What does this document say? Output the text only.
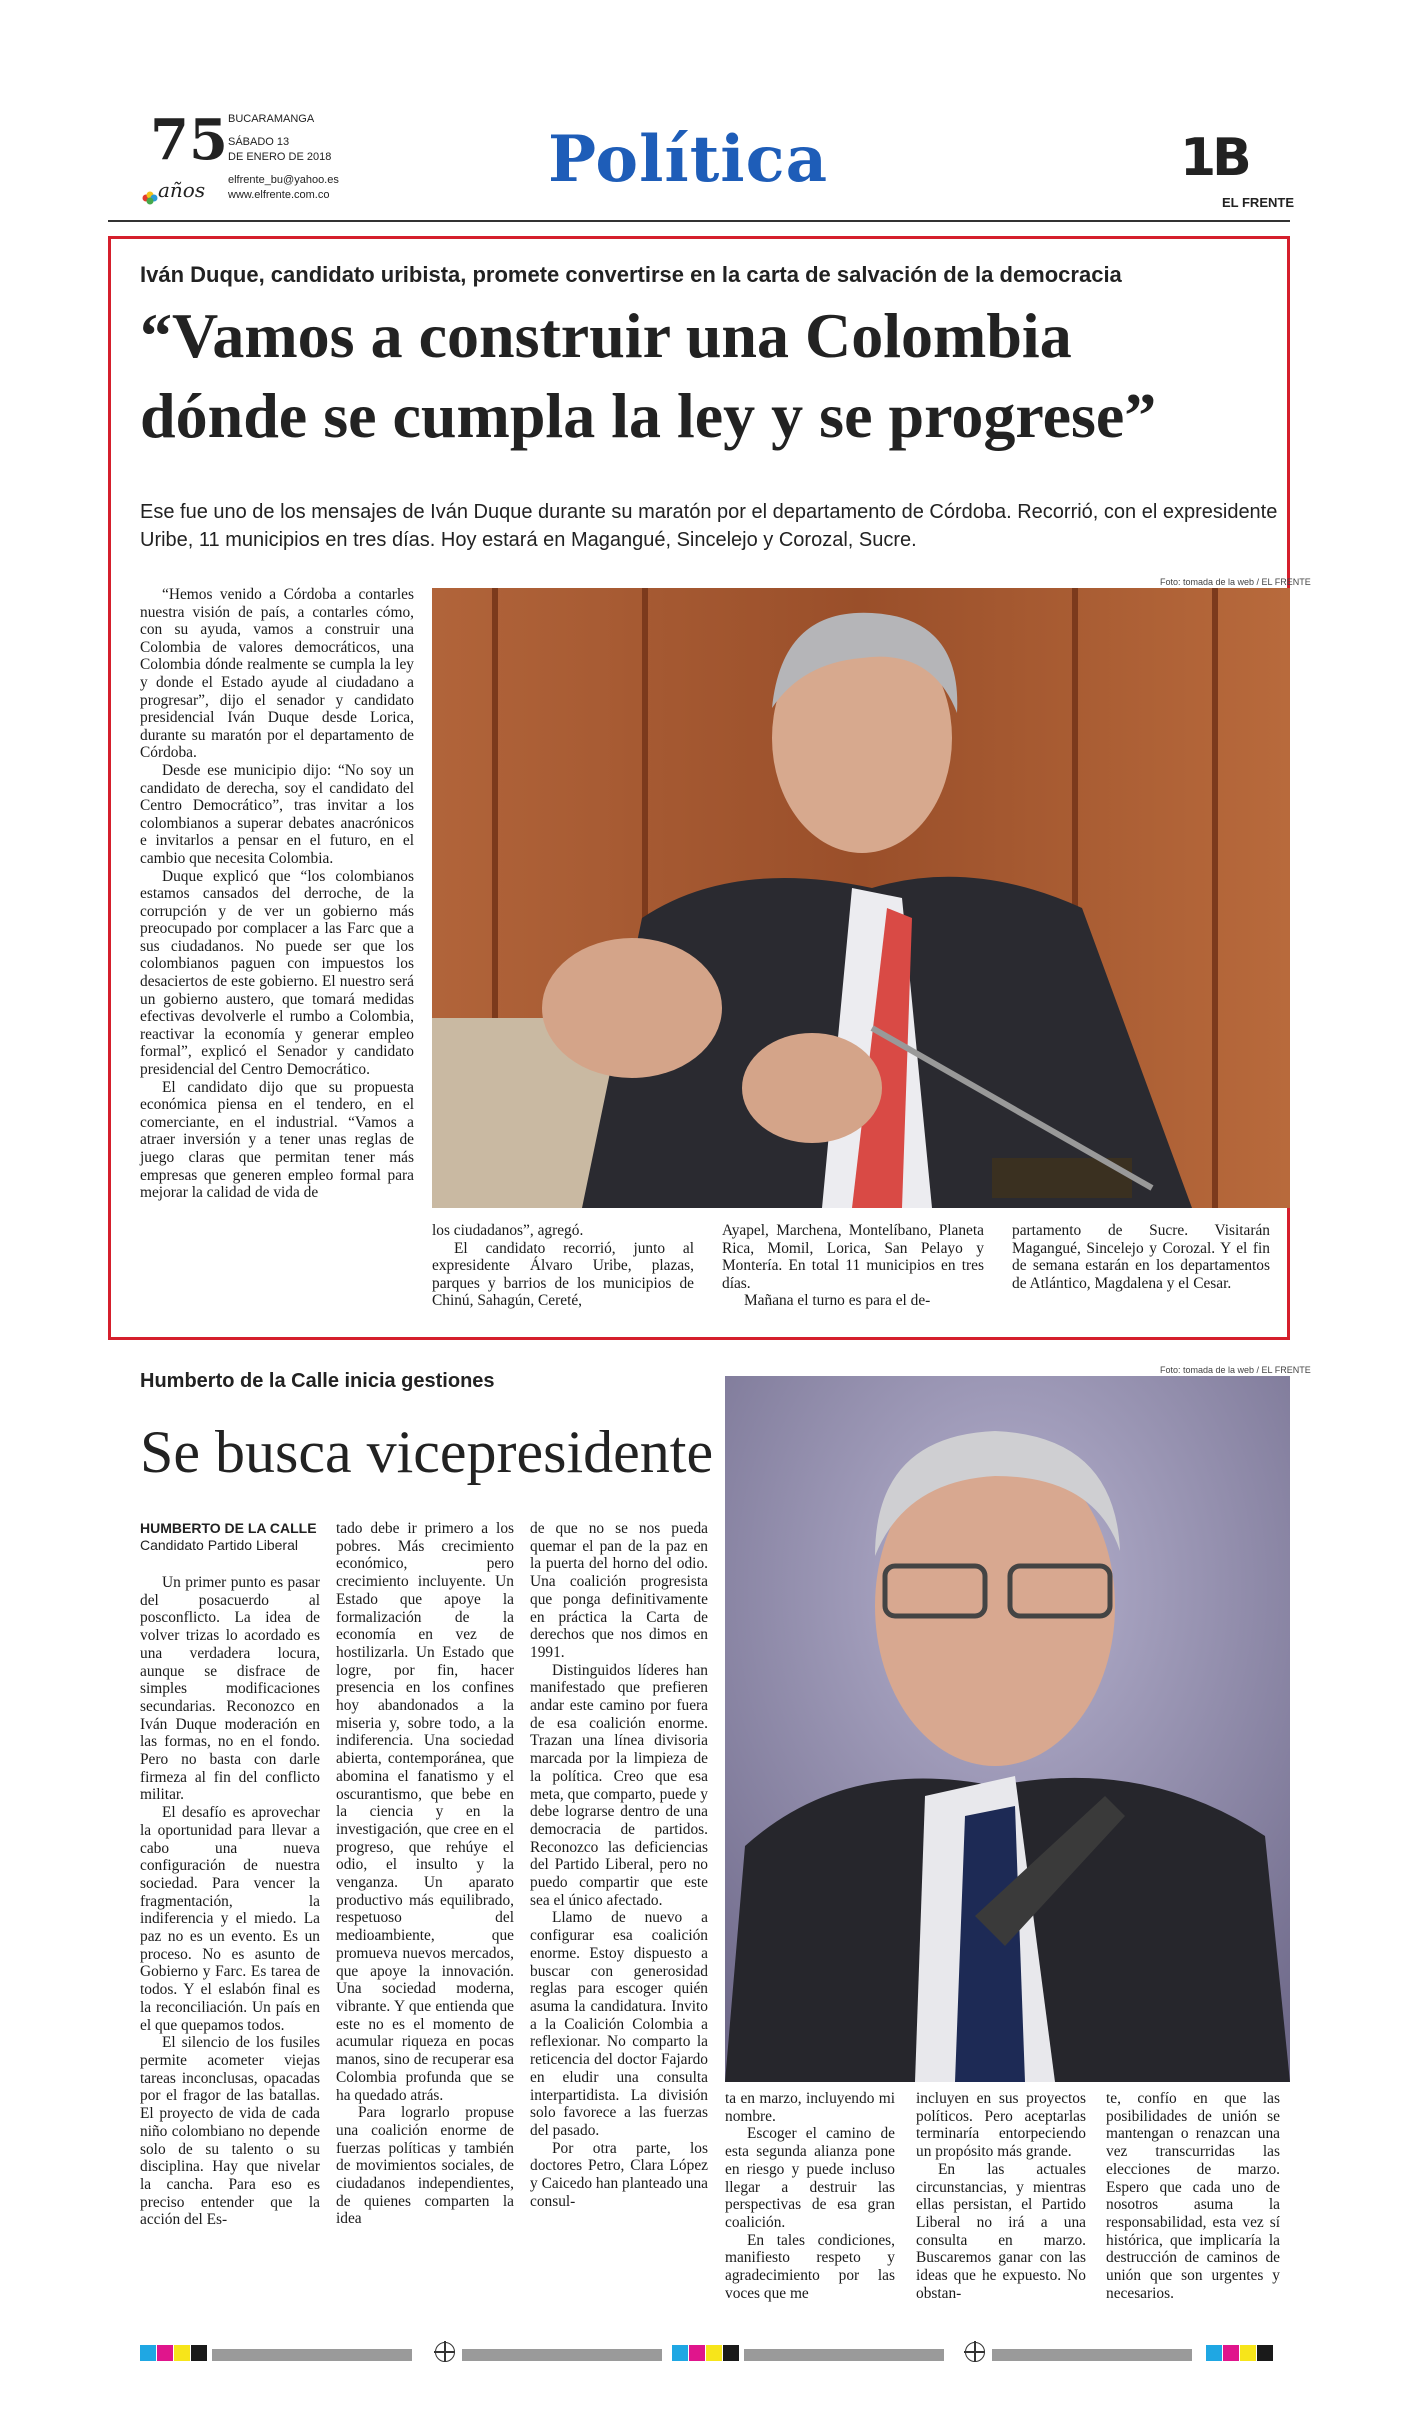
75
años
BUCARAMANGA
SÁBADO 13
DE ENERO DE 2018
elfrente_bu@yahoo.es
www.elfrente.com.co	Política	1B
EL FRENTE
Iván Duque, candidato uribista, promete convertirse en la carta de salvación de la democracia
“Vamos a construir una Colombia
dónde se cumpla la ley y se progrese”
Ese fue uno de los mensajes de Iván Duque durante su maratón por el departamento de Córdoba. Recorrió, con el expresidente Uribe, 11 municipios en tres días. Hoy estará en Magangué, Sincelejo y Corozal, Sucre.
Foto: tomada de la web / EL FRENTE

“Hemos venido a Córdoba a contarles nuestra visión de país, a contarles cómo, con su ayuda, vamos a construir una Colombia de valores democráticos, una Colombia dónde realmente se cumpla la ley y donde el Estado ayude al ciudadano a progresar”, dijo el senador y candidato presidencial Iván Duque desde Lorica, durante su maratón por el departamento de Córdoba.

Desde ese municipio dijo: “No soy un candidato de derecha, soy el candidato del Centro Democrático”, tras invitar a los colombianos a superar debates anacrónicos e invitarlos a pensar en el futuro, en el cambio que necesita Colombia.

Duque explicó que “los colombianos estamos cansados del derroche, de la corrupción y de ver un gobierno más preocupado por complacer a las Farc que a sus ciudadanos. No puede ser que los colombianos paguen con impuestos los desaciertos de este gobierno. El nuestro será un gobierno austero, que tomará medidas efectivas devolverle el rumbo a Colombia, reactivar la economía y generar empleo formal”, explicó el Senador y candidato presidencial del Centro Democrático.

El candidato dijo que su propuesta económica piensa en el tendero, en el comerciante, en el industrial. “Vamos a atraer inversión y a tener unas reglas de juego claras que permitan tener más empresas que generen empleo formal para mejorar la calidad de vida de

los ciudadanos”, agregó.

El candidato recorrió, junto al expresidente Álvaro Uribe, plazas, parques y barrios de los municipios de Chinú, Sahagún, Cereté,

Ayapel, Marchena, Montelíbano, Planeta Rica, Momil, Lorica, San Pelayo y Montería. En total 11 municipios en tres días.

Mañana el turno es para el de-

partamento de Sucre. Visitarán Magangué, Sincelejo y Corozal. Y el fin de semana estarán en los departamentos de Atlántico, Magdalena y el Cesar.

Humberto de la Calle inicia gestiones
Se busca vicepresidente
Foto: tomada de la web / EL FRENTE
HUMBERTO DE LA CALLE
Candidato Partido Liberal

Un primer punto es pasar del posacuerdo al posconflicto. La idea de volver trizas lo acordado es una verdadera locura, aunque se disfrace de simples modificaciones secundarias. Reconozco en Iván Duque moderación en las formas, no en el fondo. Pero no basta con darle firmeza al fin del conflicto militar.

El desafío es aprovechar la oportunidad para llevar a cabo una nueva configuración de nuestra sociedad. Para vencer la fragmentación, la indiferencia y el miedo. La paz no es un evento. Es un proceso. No es asunto de Gobierno y Farc. Es tarea de todos. Y el eslabón final es la reconciliación. Un país en el que quepamos todos.

El silencio de los fusiles permite acometer viejas tareas inconclusas, opacadas por el fragor de las batallas. El proyecto de vida de cada niño colombiano no depende solo de su talento o su disciplina. Hay que nivelar la cancha. Para eso es preciso entender que la acción del Es-

tado debe ir primero a los pobres. Más crecimiento económico, pero crecimiento incluyente. Un Estado que apoye la formalización de la economía en vez de hostilizarla. Un Estado que logre, por fin, hacer presencia en los confines hoy abandonados a la miseria y, sobre todo, a la indiferencia. Una sociedad abierta, contemporánea, que abomina el fanatismo y el oscurantismo, que bebe en la ciencia y en la investigación, que cree en el progreso, que rehúye el odio, el insulto y la venganza. Un aparato productivo más equilibrado, respetuoso del medioambiente, que promueva nuevos mercados, que apoye la innovación. Una sociedad moderna, vibrante. Y que entienda que este no es el momento de acumular riqueza en pocas manos, sino de recuperar esa Colombia profunda que se ha quedado atrás.

Para lograrlo propuse una coalición enorme de fuerzas políticas y también de movimientos sociales, de ciudadanos independientes, de quienes comparten la idea

de que no se nos pueda quemar el pan de la paz en la puerta del horno del odio. Una coalición progresista que ponga definitivamente en práctica la Carta de derechos que nos dimos en 1991.

Distinguidos líderes han manifestado que prefieren andar este camino por fuera de esa coalición enorme. Trazan una línea divisoria marcada por la limpieza de la política. Creo que esa meta, que comparto, puede y debe lograrse dentro de una democracia de partidos. Reconozco las deficiencias del Partido Liberal, pero no puedo compartir que este sea el único afectado.

Llamo de nuevo a configurar esa coalición enorme. Estoy dispuesto a buscar con generosidad reglas para escoger quién asuma la candidatura. Invito a la Coalición Colombia a reflexionar. No comparto la reticencia del doctor Fajardo en eludir una consulta interpartidista. La división solo favorece a las fuerzas del pasado.

Por otra parte, los doctores Petro, Clara López y Caicedo han planteado una consul-

ta en marzo, incluyendo mi nombre.

Escoger el camino de esta segunda alianza pone en riesgo y puede incluso llegar a destruir las perspectivas de esa gran coalición.

En tales condiciones, manifiesto respeto y agradecimiento por las voces que me

incluyen en sus proyectos políticos. Pero aceptarlas terminaría entorpeciendo un propósito más grande.

En las actuales circunstancias, y mientras ellas persistan, el Partido Liberal no irá a una consulta en marzo. Buscaremos ganar con las ideas que he expuesto. No obstan-

te, confío en que las posibilidades de unión se mantengan o renazcan una vez transcurridas las elecciones de marzo. Espero que cada uno de nosotros asuma la responsabilidad, esta vez sí histórica, que implicaría la destrucción de caminos de unión que son urgentes y necesarios.
